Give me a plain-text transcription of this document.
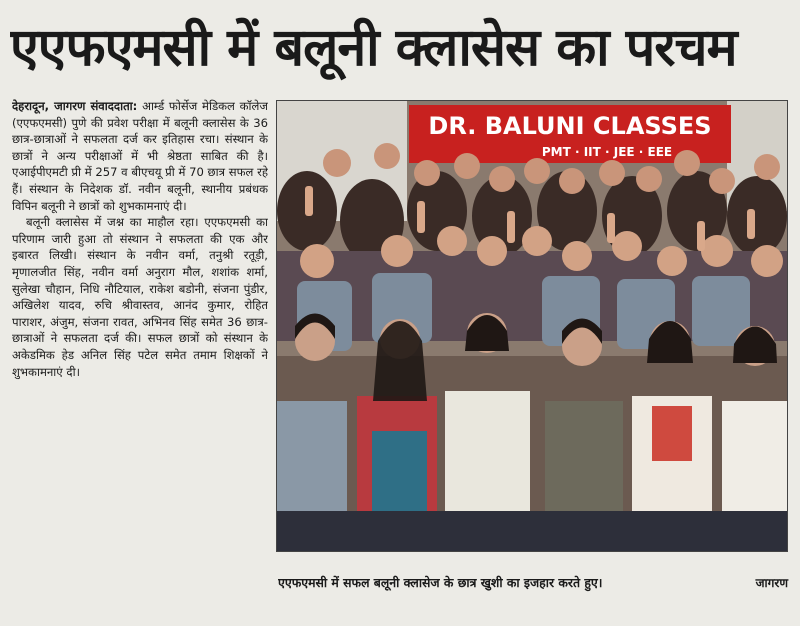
एएफएमसी में बलूनी क्लासेस का परचम

देहरादून, जागरण संवाददाता: आर्म्ड फोर्सेज मेडिकल कॉलेज (एएफएमसी) पुणे की प्रवेश परीक्षा में बलूनी क्लासेस के 36 छात्र-छात्राओं ने सफलता दर्ज कर इतिहास रचा। संस्थान के छात्रों ने अन्य परीक्षाओं में भी श्रेष्ठता साबित की है। एआईपीएमटी प्री में 257 व बीएचयू प्री में 70 छात्र सफल रहे हैं। संस्थान के निदेशक डॉ. नवीन बलूनी, स्थानीय प्रबंधक विपिन बलूनी ने छात्रों को शुभकामनाएं दी।

बलूनी क्लासेस में जश्न का माहौल रहा। एएफएमसी का परिणाम जारी हुआ तो संस्थान ने सफलता की एक और इबारत लिखी। संस्थान के नवीन वर्मा, तनुश्री रतूड़ी, मृणालजीत सिंह, नवीन वर्मा अनुराग मौल, शशांक शर्मा, सुलेखा चौहान, निधि नौटियाल, राकेश बडोनी, संजना पुंडीर, अखिलेश यादव, रुचि श्रीवास्तव, आनंद कुमार, रोहित पाराशर, अंजुम, संजना रावत, अभिनव सिंह समेत 36 छात्र-छात्राओं ने सफलता दर्ज की। सफल छात्रों को संस्थान के अकेडमिक हेड अनिल सिंह पटेल समेत तमाम शिक्षकों ने शुभकामनाएं दी।

DR. BALUNI CLASSES
PMT · IIT · JEE · EEE
एएफएमसी में सफल बलूनी क्लासेज के छात्र खुशी का इजहार करते हुए।	जागरण
